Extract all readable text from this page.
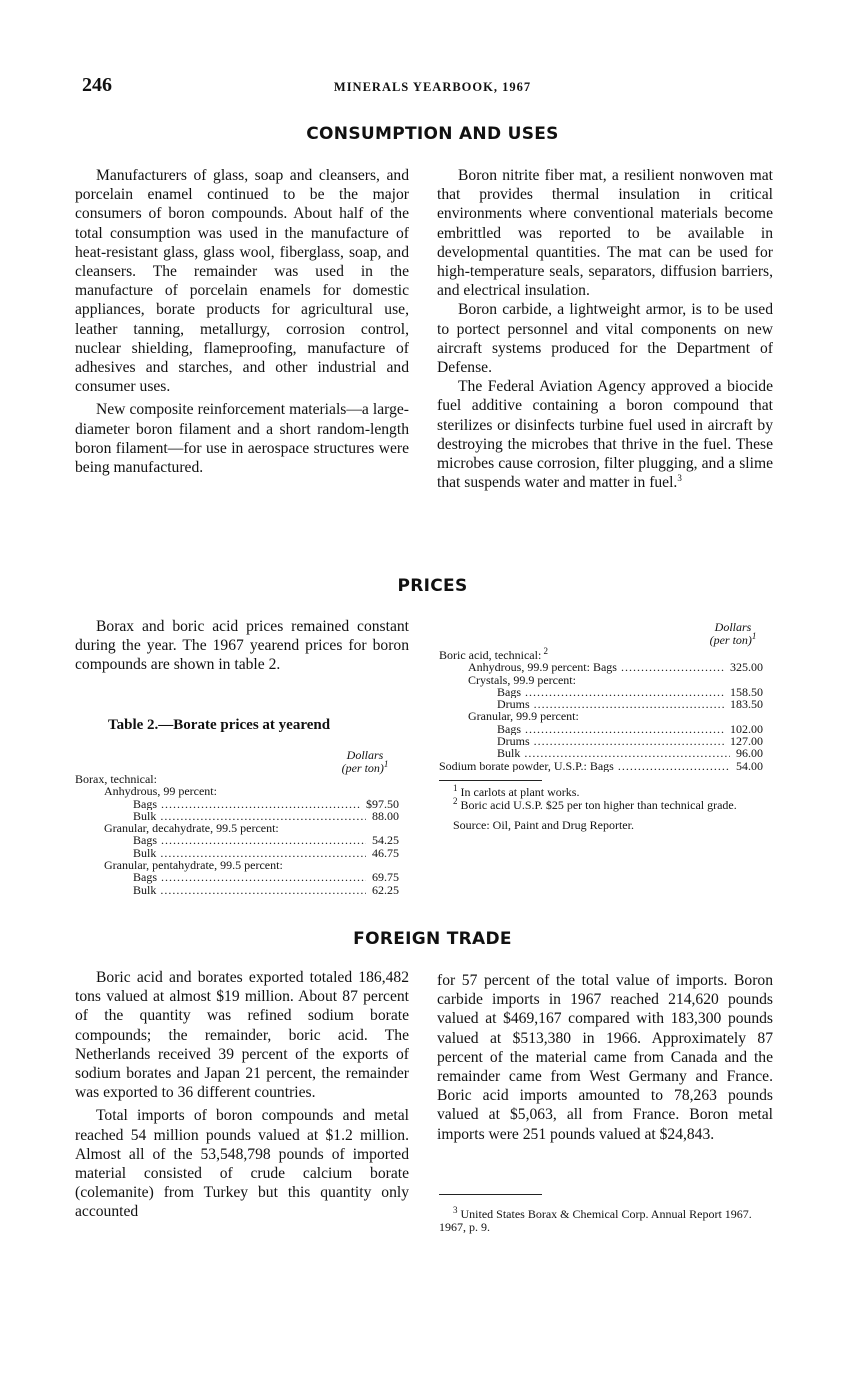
246	MINERALS YEARBOOK, 1967
CONSUMPTION AND USES

Manufacturers of glass, soap and cleansers, and porcelain enamel continued to be the major consumers of boron compounds. About half of the total consumption was used in the manufacture of heat-resistant glass, glass wool, fiberglass, soap, and cleansers. The remainder was used in the manufacture of porcelain enamels for domestic appliances, borate products for agricultural use, leather tanning, metallurgy, corrosion control, nuclear shielding, flameproofing, manufacture of adhesives and starches, and other industrial and consumer uses.

New composite reinforcement materials—a large-diameter boron filament and a short random-length boron filament—for use in aerospace structures were being manufactured.

Boron nitrite fiber mat, a resilient nonwoven mat that provides thermal insulation in critical environments where conventional materials become embrittled was reported to be available in developmental quantities. The mat can be used for high-temperature seals, separators, diffusion barriers, and electrical insulation.

Boron carbide, a lightweight armor, is to be used to portect personnel and vital components on new aircraft systems produced for the Department of Defense.

The Federal Aviation Agency approved a biocide fuel additive containing a boron compound that sterilizes or disinfects turbine fuel used in aircraft by destroying the microbes that thrive in the fuel. These microbes cause corrosion, filter plugging, and a slime that suspends water and matter in fuel.$^3$

PRICES

Borax and boric acid prices remained constant during the year. The 1967 yearend prices for boron compounds are shown in table 2.

Table 2.—Borate prices at yearend
Dollars
(per ton)$^1$
Borax, technical:
Anhydrous, 99 percent:
Bags .....	$97.50
Bulk .....	88.00
Granular, decahydrate, 99.5 percent:
Bags .....	54.25
Bulk .....	46.75
Granular, pentahydrate, 99.5 percent:
Bags .....	69.75
Bulk .....	62.25
Dollars
(per ton)$^1$
Boric acid, technical: $^2$
Anhydrous, 99.9 percent: Bags .....	325.00
Crystals, 99.9 percent:
Bags .....	158.50
Drums .....	183.50
Granular, 99.9 percent:
Bags .....	102.00
Drums .....	127.00
Bulk .....	96.00
Sodium borate powder, U.S.P.: Bags .....	54.00
$^1$ In carlots at plant works.
$^2$ Boric acid U.S.P. $25 per ton higher than technical grade.
Source: Oil, Paint and Drug Reporter.
FOREIGN TRADE

Boric acid and borates exported totaled 186,482 tons valued at almost $19 million. About 87 percent of the quantity was refined sodium borate compounds; the remainder, boric acid. The Netherlands received 39 percent of the exports of sodium borates and Japan 21 percent, the remainder was exported to 36 different countries.

Total imports of boron compounds and metal reached 54 million pounds valued at $1.2 million. Almost all of the 53,548,798 pounds of imported material consisted of crude calcium borate (colemanite) from Turkey but this quantity only accounted

for 57 percent of the total value of imports. Boron carbide imports in 1967 reached 214,620 pounds valued at $469,167 compared with 183,300 pounds valued at $513,380 in 1966. Approximately 87 percent of the material came from Canada and the remainder came from West Germany and France. Boric acid imports amounted to 78,263 pounds valued at $5,063, all from France. Boron metal imports were 251 pounds valued at $24,843.

$^3$ United States Borax & Chemical Corp. Annual Report 1967. 1967, p. 9.
